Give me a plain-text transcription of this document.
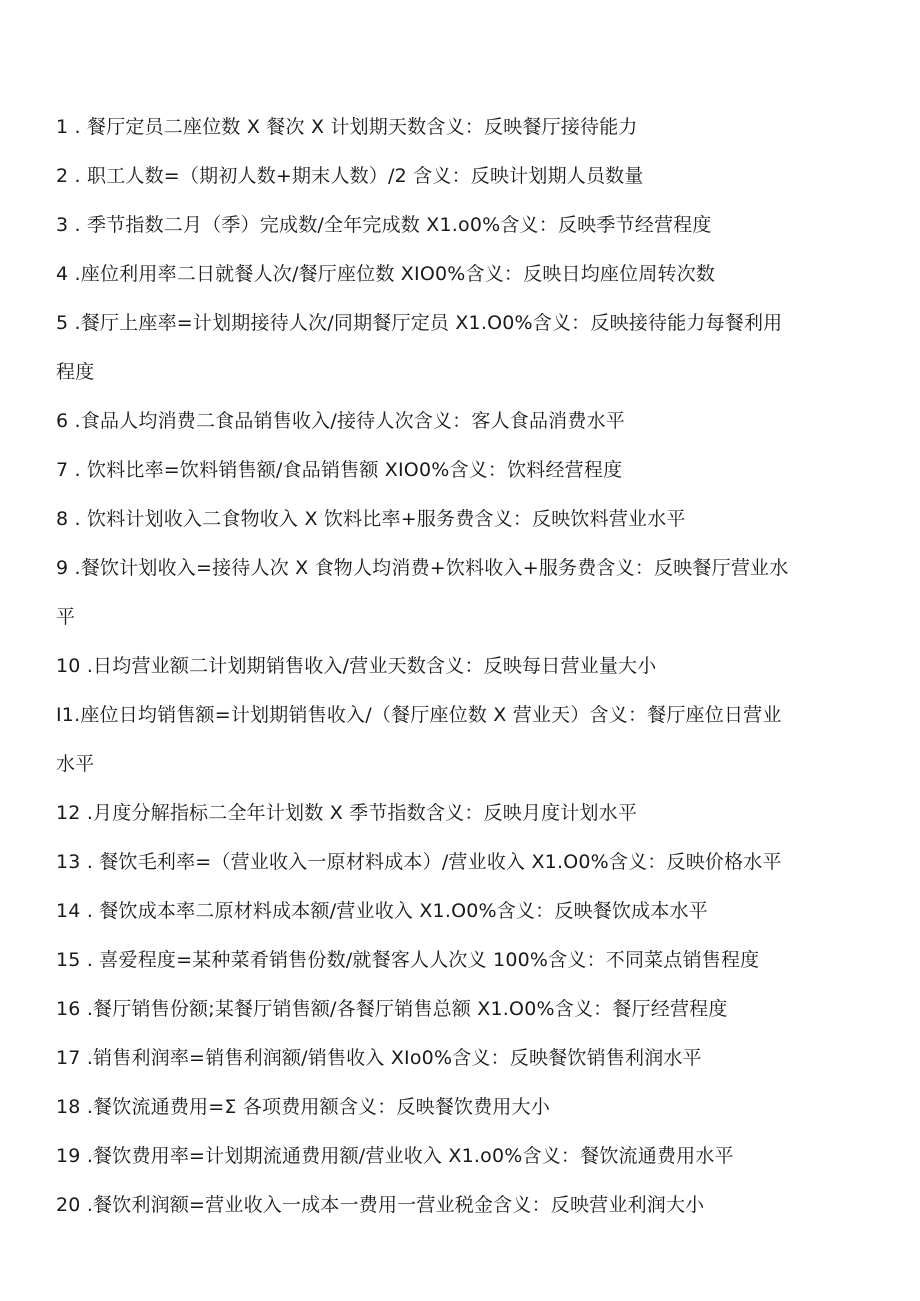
1 . 餐厅定员二座位数 X 餐次 X 计划期天数含义：反映餐厅接待能力
2 . 职工人数=（期初人数+期末人数）/2 含义：反映计划期人员数量
3 . 季节指数二月（季）完成数/全年完成数 X1.o0%含义：反映季节经营程度
4 .座位利用率二日就餐人次/餐厅座位数 XIO0%含义：反映日均座位周转次数
5 .餐厅上座率=计划期接待人次/同期餐厅定员 X1.O0%含义：反映接待能力每餐利用
程度
6 .食品人均消费二食品销售收入/接待人次含义：客人食品消费水平
7 . 饮料比率=饮料销售额/食品销售额 XIO0%含义：饮料经营程度
8 . 饮料计划收入二食物收入 X 饮料比率+服务费含义：反映饮料营业水平
9 .餐饮计划收入=接待人次 X 食物人均消费+饮料收入+服务费含义：反映餐厅营业水
平
10 .日均营业额二计划期销售收入/营业天数含义：反映每日营业量大小
I1.座位日均销售额=计划期销售收入/（餐厅座位数 X 营业天）含义：餐厅座位日营业
水平
12 .月度分解指标二全年计划数 X 季节指数含义：反映月度计划水平
13 . 餐饮毛利率=（营业收入一原材料成本）/营业收入 X1.O0%含义：反映价格水平
14 . 餐饮成本率二原材料成本额/营业收入 X1.O0%含义：反映餐饮成本水平
15 . 喜爱程度=某种菜肴销售份数/就餐客人人次义 100%含义：不同菜点销售程度
16 .餐厅销售份额;某餐厅销售额/各餐厅销售总额 X1.O0%含义：餐厅经营程度
17 .销售利润率=销售利润额/销售收入 XIo0%含义：反映餐饮销售利润水平
18 .餐饮流通费用=Σ 各项费用额含义：反映餐饮费用大小
19 .餐饮费用率=计划期流通费用额/营业收入 X1.o0%含义：餐饮流通费用水平
20 .餐饮利润额=营业收入一成本一费用一营业税金含义：反映营业利润大小
